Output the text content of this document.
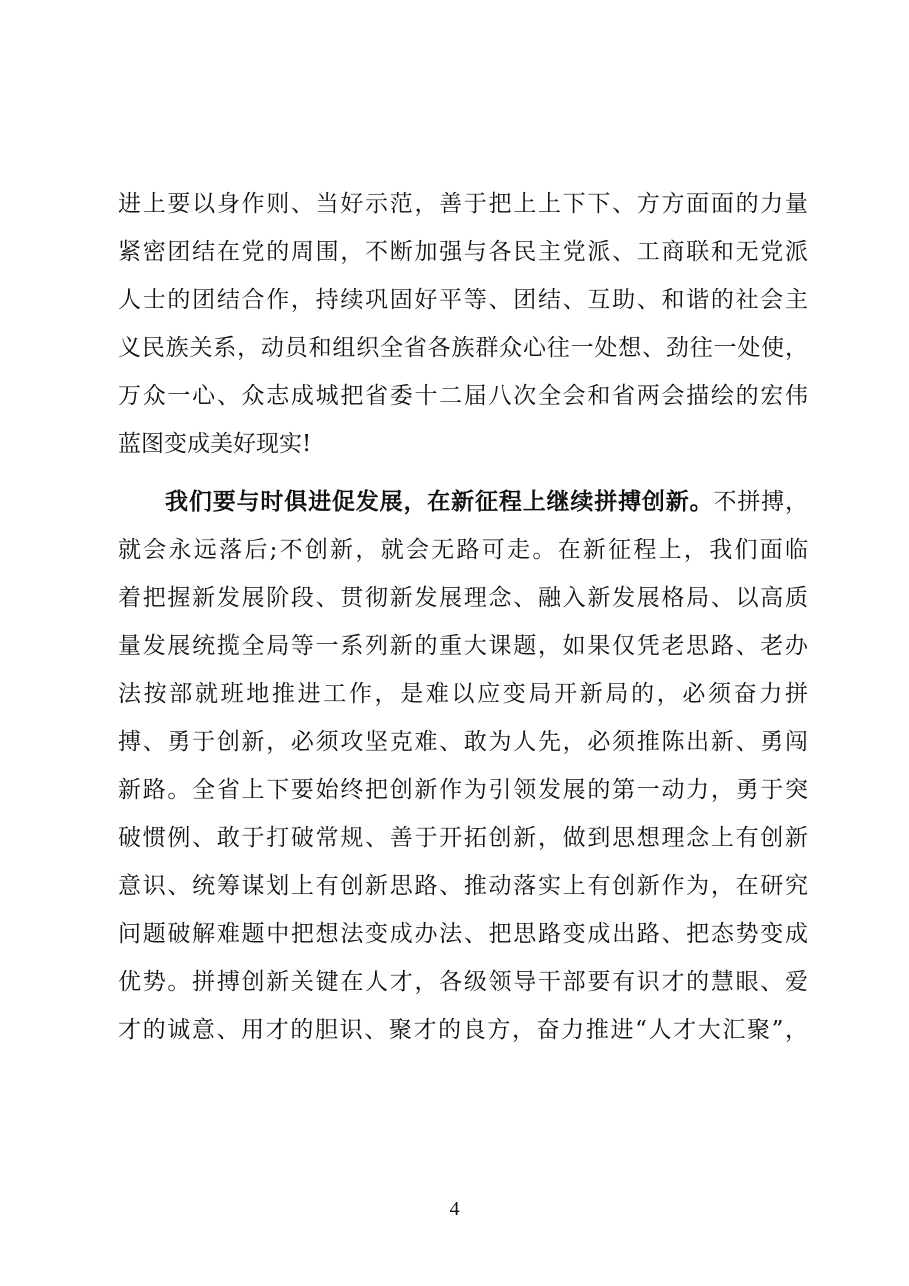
进上要以身作则、当好示范，善于把上上下下、方方面面的力量
紧密团结在党的周围，不断加强与各民主党派、工商联和无党派
人士的团结合作，持续巩固好平等、团结、互助、和谐的社会主
义民族关系，动员和组织全省各族群众心往一处想、劲往一处使，
万众一心、众志成城把省委十二届八次全会和省两会描绘的宏伟
蓝图变成美好现实!
我们要与时俱进促发展，在新征程上继续拼搏创新。不拼搏，
就会永远落后;不创新，就会无路可走。在新征程上，我们面临
着把握新发展阶段、贯彻新发展理念、融入新发展格局、以高质
量发展统揽全局等一系列新的重大课题，如果仅凭老思路、老办
法按部就班地推进工作，是难以应变局开新局的，必须奋力拼
搏、勇于创新，必须攻坚克难、敢为人先，必须推陈出新、勇闯
新路。全省上下要始终把创新作为引领发展的第一动力，勇于突
破惯例、敢于打破常规、善于开拓创新，做到思想理念上有创新
意识、统筹谋划上有创新思路、推动落实上有创新作为，在研究
问题破解难题中把想法变成办法、把思路变成出路、把态势变成
优势。拼搏创新关键在人才，各级领导干部要有识才的慧眼、爱
才的诚意、用才的胆识、聚才的良方，奋力推进“人才大汇聚”，
4
